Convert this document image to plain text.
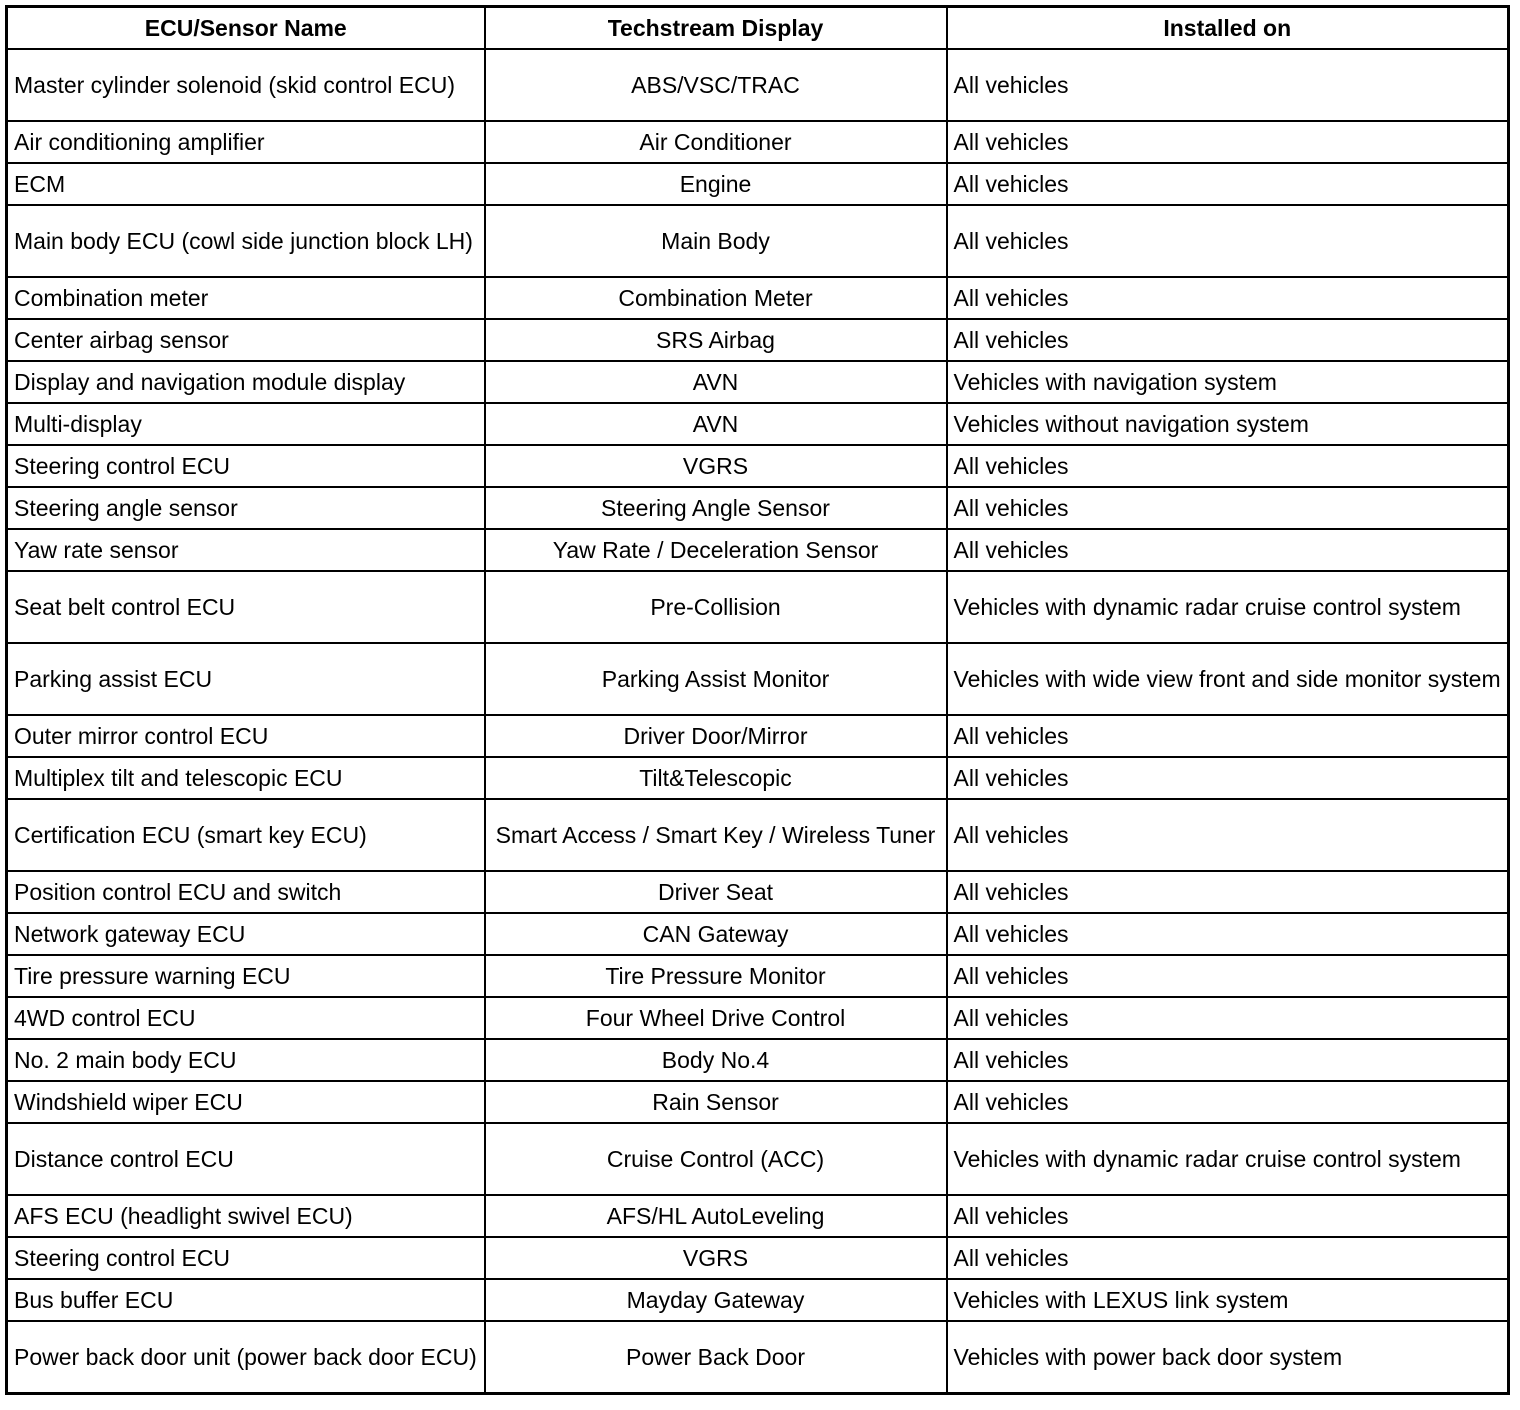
ECU/Sensor Name	Techstream Display	Installed on
Master cylinder solenoid (skid control ECU)	ABS/VSC/TRAC	All vehicles
Air conditioning amplifier	Air Conditioner	All vehicles
ECM	Engine	All vehicles
Main body ECU (cowl side junction block LH)	Main Body	All vehicles
Combination meter	Combination Meter	All vehicles
Center airbag sensor	SRS Airbag	All vehicles
Display and navigation module display	AVN	Vehicles with navigation system
Multi-display	AVN	Vehicles without navigation system
Steering control ECU	VGRS	All vehicles
Steering angle sensor	Steering Angle Sensor	All vehicles
Yaw rate sensor	Yaw Rate / Deceleration Sensor	All vehicles
Seat belt control ECU	Pre-Collision	Vehicles with dynamic radar cruise control system
Parking assist ECU	Parking Assist Monitor	Vehicles with wide view front and side monitor system
Outer mirror control ECU	Driver Door/Mirror	All vehicles
Multiplex tilt and telescopic ECU	Tilt&Telescopic	All vehicles
Certification ECU (smart key ECU)	Smart Access / Smart Key / Wireless Tuner	All vehicles
Position control ECU and switch	Driver Seat	All vehicles
Network gateway ECU	CAN Gateway	All vehicles
Tire pressure warning ECU	Tire Pressure Monitor	All vehicles
4WD control ECU	Four Wheel Drive Control	All vehicles
No. 2 main body ECU	Body No.4	All vehicles
Windshield wiper ECU	Rain Sensor	All vehicles
Distance control ECU	Cruise Control (ACC)	Vehicles with dynamic radar cruise control system
AFS ECU (headlight swivel ECU)	AFS/HL AutoLeveling	All vehicles
Steering control ECU	VGRS	All vehicles
Bus buffer ECU	Mayday Gateway	Vehicles with LEXUS link system
Power back door unit (power back door ECU)	Power Back Door	Vehicles with power back door system
